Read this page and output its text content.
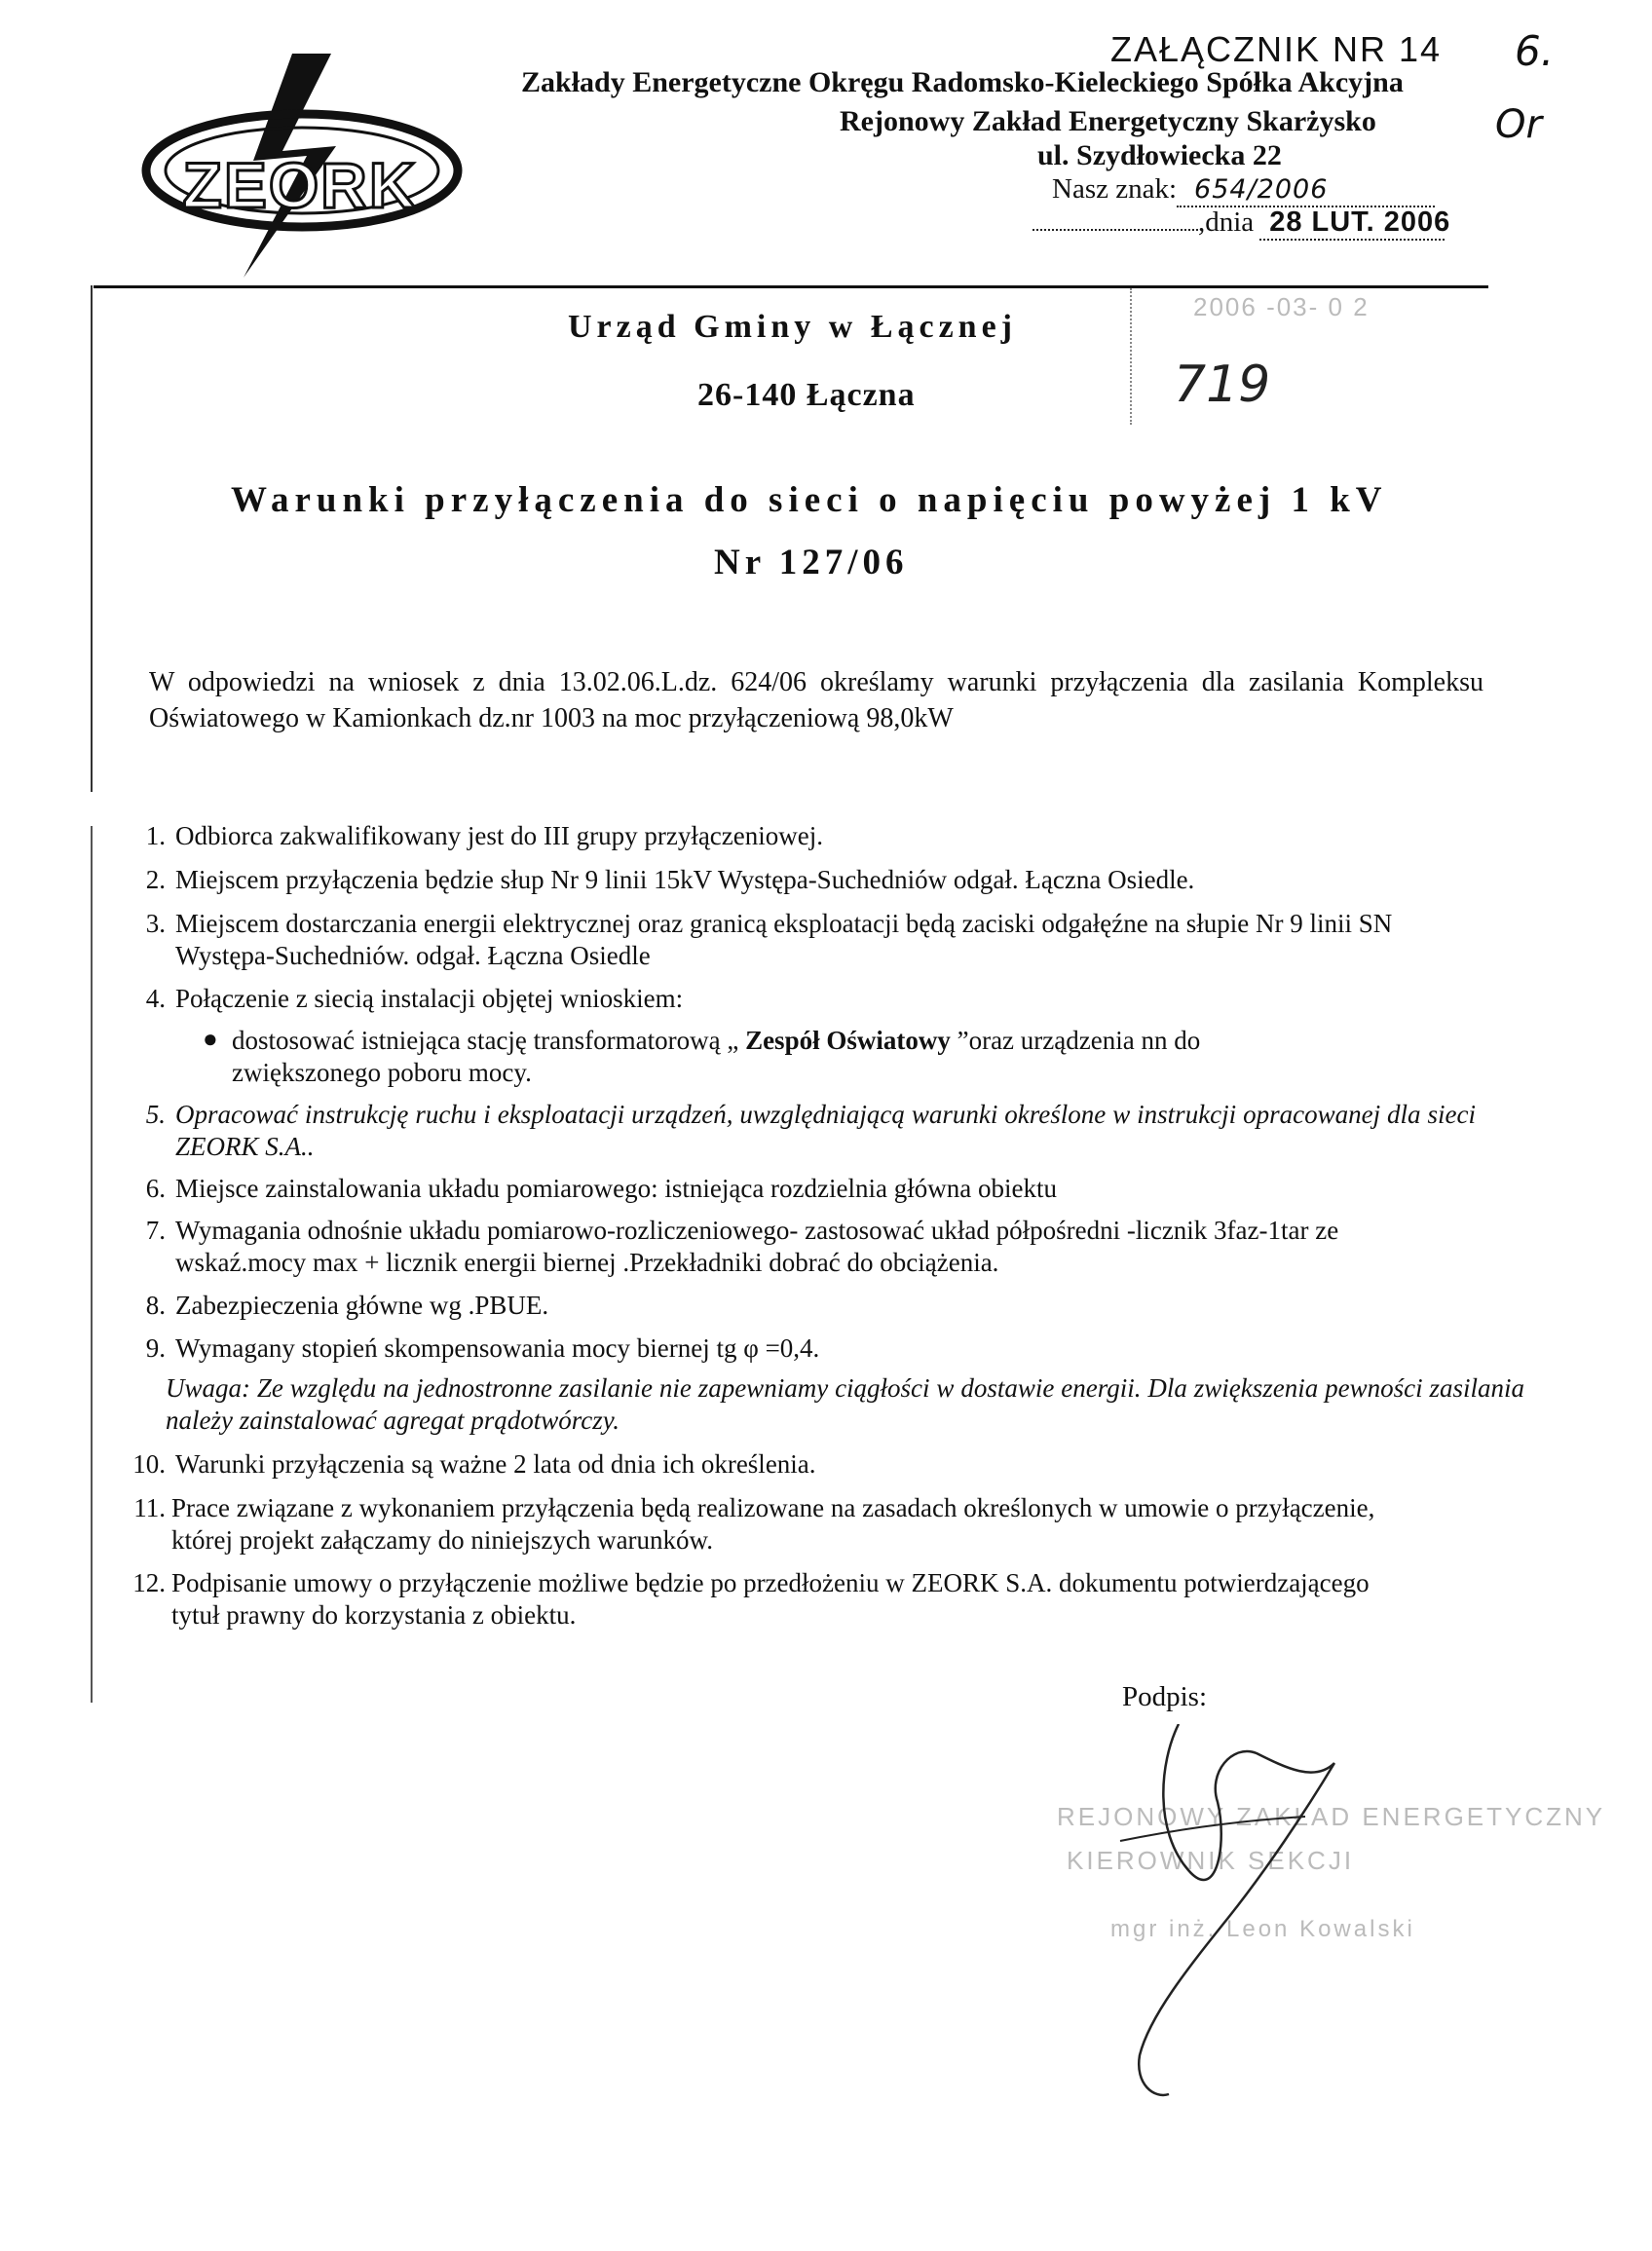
ZEORK
ZAŁĄCZNIK NR 14 6.
Or
Zakłady Energetyczne Okręgu Radomsko-Kieleckiego Spółka Akcyjna
Rejonowy Zakład Energetyczny Skarżysko
ul. Szydłowiecka 22
Nasz znak: 654/2006
,dnia 28 LUT. 2006
Urząd Gminy w Łącznej
26-140 Łączna
2006 -03- 0 2
719
Warunki przyłączenia do sieci o napięciu powyżej 1 kV
Nr 127/06
W odpowiedzi na wniosek z dnia 13.02.06.L.dz. 624/06 określamy warunki przyłączenia dla zasilania Kompleksu Oświatowego w Kamionkach dz.nr 1003 na moc przyłączeniową 98,0kW
1. Odbiorca zakwalifikowany jest do III grupy przyłączeniowej.
2. Miejscem przyłączenia będzie słup Nr 9 linii 15kV Występa-Suchedniów odgał. Łączna Osiedle.
3. Miejscem dostarczania energii elektrycznej oraz granicą eksploatacji będą zaciski odgałęźne na słupie Nr 9 linii SN Występa-Suchedniów. odgał. Łączna Osiedle
4. Połączenie z siecią instalacji objętej wnioskiem:
● dostosować istniejąca stację transformatorową „ Zespół Oświatowy ”oraz urządzenia nn do zwiększonego poboru mocy.
5. Opracować instrukcję ruchu i eksploatacji urządzeń, uwzględniającą warunki określone w instrukcji opracowanej dla sieci ZEORK S.A..
6. Miejsce zainstalowania układu pomiarowego: istniejąca rozdzielnia główna obiektu
7. Wymagania odnośnie układu pomiarowo-rozliczeniowego- zastosować układ półpośredni -licznik 3faz-1tar ze wskaź.mocy max + licznik energii biernej .Przekładniki dobrać do obciążenia.
8. Zabezpieczenia główne wg .PBUE.
9. Wymagany stopień skompensowania mocy biernej tg φ =0,4.
Uwaga: Ze względu na jednostronne zasilanie nie zapewniamy ciągłości w dostawie energii. Dla zwiększenia pewności zasilania należy zainstalować agregat prądotwórczy.
10. Warunki przyłączenia są ważne 2 lata od dnia ich określenia.
11. Prace związane z wykonaniem przyłączenia będą realizowane na zasadach określonych w umowie o przyłączenie, której projekt załączamy do niniejszych warunków.
12. Podpisanie umowy o przyłączenie możliwe będzie po przedłożeniu w ZEORK S.A. dokumentu potwierdzającego tytuł prawny do korzystania z obiektu.
Podpis:
REJONOWY ZAKŁAD ENERGETYCZNY
KIEROWNIK SEKCJI
mgr inż. Leon Kowalski
